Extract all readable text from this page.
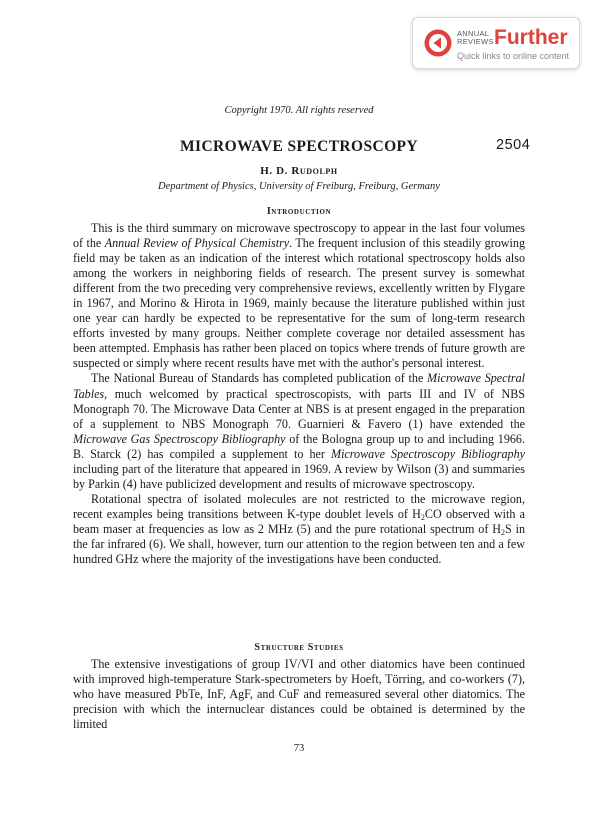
ANNUAL
REVIEWS Further
Quick links to online content
Copyright 1970. All rights reserved
MICROWAVE SPECTROSCOPY	2504
H. D. Rudolph
Department of Physics, University of Freiburg, Freiburg, Germany
Introduction

This is the third summary on microwave spectroscopy to appear in the last four volumes of the Annual Review of Physical Chemistry. The frequent inclusion of this steadily growing field may be taken as an indication of the interest which rotational spectroscopy holds also among the workers in neighboring fields of research. The present survey is somewhat different from the two preceding very comprehensive reviews, excellently written by Flygare in 1967, and Morino & Hirota in 1969, mainly because the literature published within just one year can hardly be expected to be representative for the sum of long-term research efforts invested by many groups. Neither complete coverage nor detailed assessment has been attempted. Emphasis has rather been placed on topics where trends of future growth are suspected or simply where recent results have met with the author's personal interest.

The National Bureau of Standards has completed publication of the Microwave Spectral Tables, much welcomed by practical spectroscopists, with parts III and IV of NBS Monograph 70. The Microwave Data Center at NBS is at present engaged in the preparation of a supplement to NBS Monograph 70. Guarnieri & Favero (1) have extended the Microwave Gas Spectroscopy Bibliography of the Bologna group up to and including 1966. B. Starck (2) has compiled a supplement to her Microwave Spectroscopy Bibliography including part of the literature that appeared in 1969. A review by Wilson (3) and summaries by Parkin (4) have publicized development and results of microwave spectroscopy.

Rotational spectra of isolated molecules are not restricted to the microwave region, recent examples being transitions between K-type doublet levels of $H_2CO$ observed with a beam maser at frequencies as low as 2 MHz (5) and the pure rotational spectrum of $H_2S$ in the far infrared (6). We shall, however, turn our attention to the region between ten and a few hundred GHz where the majority of the investigations have been conducted.

Structure Studies

The extensive investigations of group IV/VI and other diatomics have been continued with improved high-temperature Stark-spectrometers by Hoeft, Törring, and co-workers (7), who have measured PbTe, InF, AgF, and CuF and remeasured several other diatomics. The precision with which the internuclear distances could be obtained is determined by the limited

73
